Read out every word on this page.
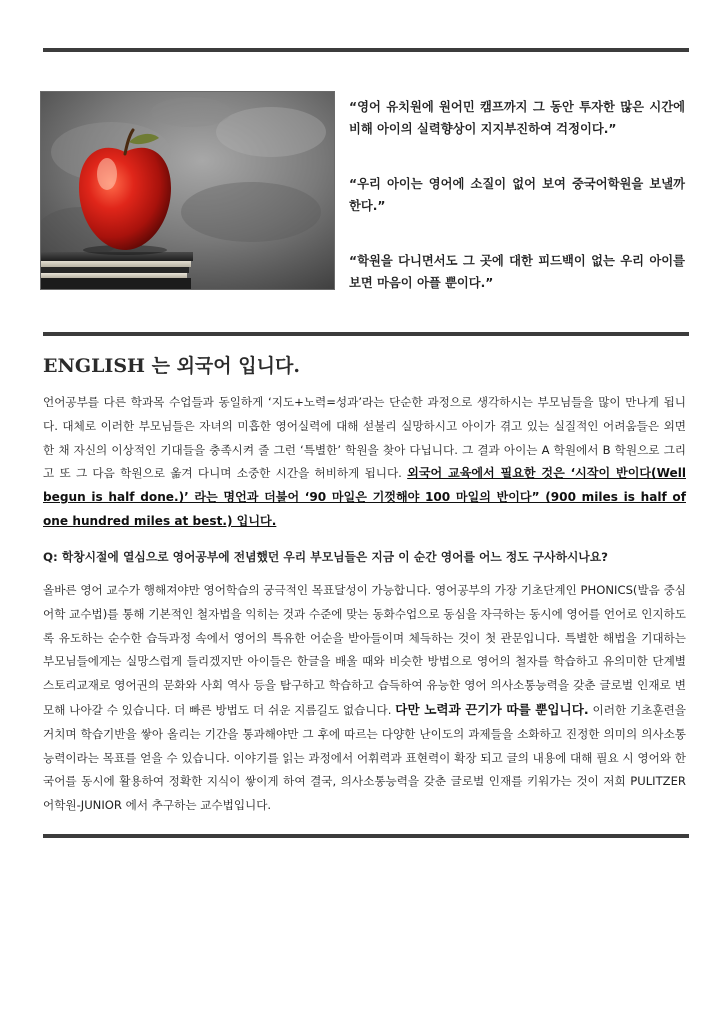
“영어 유치원에 원어민 캠프까지 그 동안 투자한 많은 시간에 비해 아이의 실력향상이 지지부진하여 걱정이다.”

“우리 아이는 영어에 소질이 없어 보여 중국어학원을 보낼까 한다.”

“학원을 다니면서도 그 곳에 대한 피드백이 없는 우리 아이를 보면 마음이 아플 뿐이다.”

ENGLISH 는 외국어 입니다.

언어공부를 다른 학과목 수업들과 동일하게 ‘지도+노력=성과’라는 단순한 과정으로 생각하시는 부모님들을 많이 만나게 됩니다. 대체로 이러한 부모님들은 자녀의 미흡한 영어실력에 대해 섣불리 실망하시고 아이가 겪고 있는 실질적인 어려움들은 외면 한 채 자신의 이상적인 기대들을 충족시켜 줄 그런 ‘특별한’ 학원을 찾아 다닙니다. 그 결과 아이는 A 학원에서 B 학원으로 그리고 또 그 다음 학원으로 옮겨 다니며 소중한 시간을 허비하게 됩니다. 외국어 교육에서 필요한 것은 ‘시작이 반이다(Well begun is half done.)’ 라는 명언과 더불어 ‘90 마일은 기껏해야 100 마일의 반이다” (900 miles is half of one hundred miles at best.) 입니다.

Q: 학창시절에 열심으로 영어공부에 전념했던 우리 부모님들은 지금 이 순간 영어를 어느 정도 구사하시나요?

올바른 영어 교수가 행해져야만 영어학습의 궁극적인 목표달성이 가능합니다. 영어공부의 가장 기초단계인 PHONICS(발음 중심 어학 교수법)를 통해 기본적인 철자법을 익히는 것과 수준에 맞는 동화수업으로 동심을 자극하는 동시에 영어를 언어로 인지하도록 유도하는 순수한 습득과정 속에서 영어의 특유한 어순을 받아들이며 체득하는 것이 첫 관문입니다. 특별한 해법을 기대하는 부모님들에게는 실망스럽게 들리겠지만 아이들은 한글을 배울 때와 비슷한 방법으로 영어의 철자를 학습하고 유의미한 단계별 스토리교재로 영어권의 문화와 사회 역사 등을 탐구하고 학습하고 습득하여 유능한 영어 의사소통능력을 갖춘 글로벌 인재로 변모해 나아갈 수 있습니다. 더 빠른 방법도 더 쉬운 지름길도 없습니다. 다만 노력과 끈기가 따를 뿐입니다. 이러한 기초훈련을 거치며 학습기반을 쌓아 올리는 기간을 통과해야만 그 후에 따르는 다양한 난이도의 과제들을 소화하고 진정한 의미의 의사소통능력이라는 목표를 얻을 수 있습니다. 이야기를 읽는 과정에서 어휘력과 표현력이 확장 되고 글의 내용에 대해 필요 시 영어와 한국어를 동시에 활용하여 정확한 지식이 쌓이게 하여 결국, 의사소통능력을 갖춘 글로벌 인재를 키워가는 것이 저희 PULITZER 어학원-JUNIOR 에서 추구하는 교수법입니다.
